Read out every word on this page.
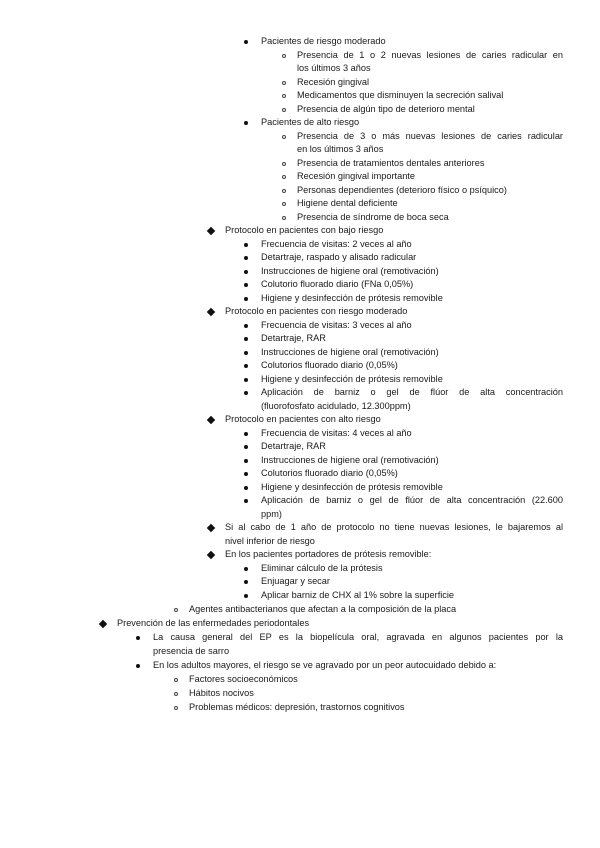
Pacientes de riesgo moderado
Presencia de 1 o 2 nuevas lesiones de caries radicular en
los últimos 3 años
Recesión gingival
Medicamentos que disminuyen la secreción salival
Presencia de algún tipo de deterioro mental
Pacientes de alto riesgo
Presencia de 3 o más nuevas lesiones de caries radicular
en los últimos 3 años
Presencia de tratamientos dentales anteriores
Recesión gingival importante
Personas dependientes (deterioro físico o psíquico)
Higiene dental deficiente
Presencia de síndrome de boca seca
Protocolo en pacientes con bajo riesgo
Frecuencia de visitas: 2 veces al año
Detartraje, raspado y alisado radicular
Instrucciones de higiene oral (remotivación)
Colutorio fluorado diario (FNa 0,05%)
Higiene y desinfección de prótesis removible
Protocolo en pacientes con riesgo moderado
Frecuencia de visitas: 3 veces al año
Detartraje, RAR
Instrucciones de higiene oral (remotivación)
Colutorios fluorado diario (0,05%)
Higiene y desinfección de prótesis removible
Aplicación de barniz o gel de flúor de alta concentración
(fluorofosfato acidulado, 12.300ppm)
Protocolo en pacientes con alto riesgo
Frecuencia de visitas: 4 veces al año
Detartraje, RAR
Instrucciones de higiene oral (remotivación)
Colutorios fluorado diario (0,05%)
Higiene y desinfección de prótesis removible
Aplicación de barniz o gel de flúor de alta concentración (22.600
ppm)
Si al cabo de 1 año de protocolo no tiene nuevas lesiones, le bajaremos al
nivel inferior de riesgo
En los pacientes portadores de prótesis removible:
Eliminar cálculo de la prótesis
Enjuagar y secar
Aplicar barniz de CHX al 1% sobre la superficie
Agentes antibacterianos que afectan a la composición de la placa
Prevención de las enfermedades periodontales
La causa general del EP es la biopelícula oral, agravada en algunos pacientes por la
presencia de sarro
En los adultos mayores, el riesgo se ve agravado por un peor autocuidado debido a:
Factores socioeconómicos
Hábitos nocivos
Problemas médicos: depresión, trastornos cognitivos
